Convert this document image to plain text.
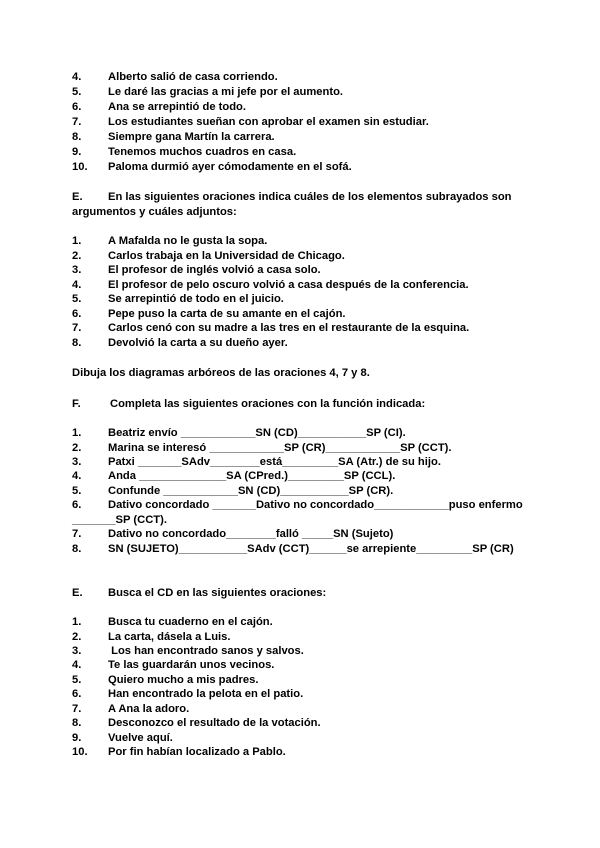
4. Alberto salió de casa corriendo.
5. Le daré las gracias a mi jefe por el aumento.
6. Ana se arrepintió de todo.
7. Los estudiantes sueñan con aprobar el examen sin estudiar.
8. Siempre gana Martín la carrera.
9. Tenemos muchos cuadros en casa.
10. Paloma durmió ayer cómodamente en el sofá.
E. En las siguientes oraciones indica cuáles de los elementos subrayados son
argumentos y cuáles adjuntos:
1. A Mafalda no le gusta la sopa.
2. Carlos trabaja en la Universidad de Chicago.
3. El profesor de inglés volvió a casa solo.
4. El profesor de pelo oscuro volvió a casa después de la conferencia.
5. Se arrepintió de todo en el juicio.
6. Pepe puso la carta de su amante en el cajón.
7. Carlos cenó con su madre a las tres en el restaurante de la esquina.
8. Devolvió la carta a su dueño ayer.
Dibuja los diagramas arbóreos de las oraciones 4, 7 y 8.
F.	Completa las siguientes oraciones con la función indicada:
1. Beatriz envío ____________SN (CD)___________SP (CI).
2. Marina se interesó ____________SP (CR)____________SP (CCT).
3. Patxi _______SAdv________está_________SA (Atr.) de su hijo.
4. Anda ______________SA (CPred.)_________SP (CCL).
5. Confunde ____________SN (CD)___________SP (CR).
6. Dativo concordado _______Dativo no concordado____________puso enfermo
_______SP (CCT).
7. Dativo no concordado________falló _____SN (Sujeto)
8. SN (SUJETO)___________SAdv (CCT)______se arrepiente_________SP (CR)
E. Busca el CD en las siguientes oraciones:
1. Busca tu cuaderno en el cajón.
2. La carta, dásela a Luis.
3. Los han encontrado sanos y salvos.
4. Te las guardarán unos vecinos.
5. Quiero mucho a mis padres.
6. Han encontrado la pelota en el patio.
7. A Ana la adoro.
8. Desconozco el resultado de la votación.
9. Vuelve aquí.
10. Por fin habían localizado a Pablo.
